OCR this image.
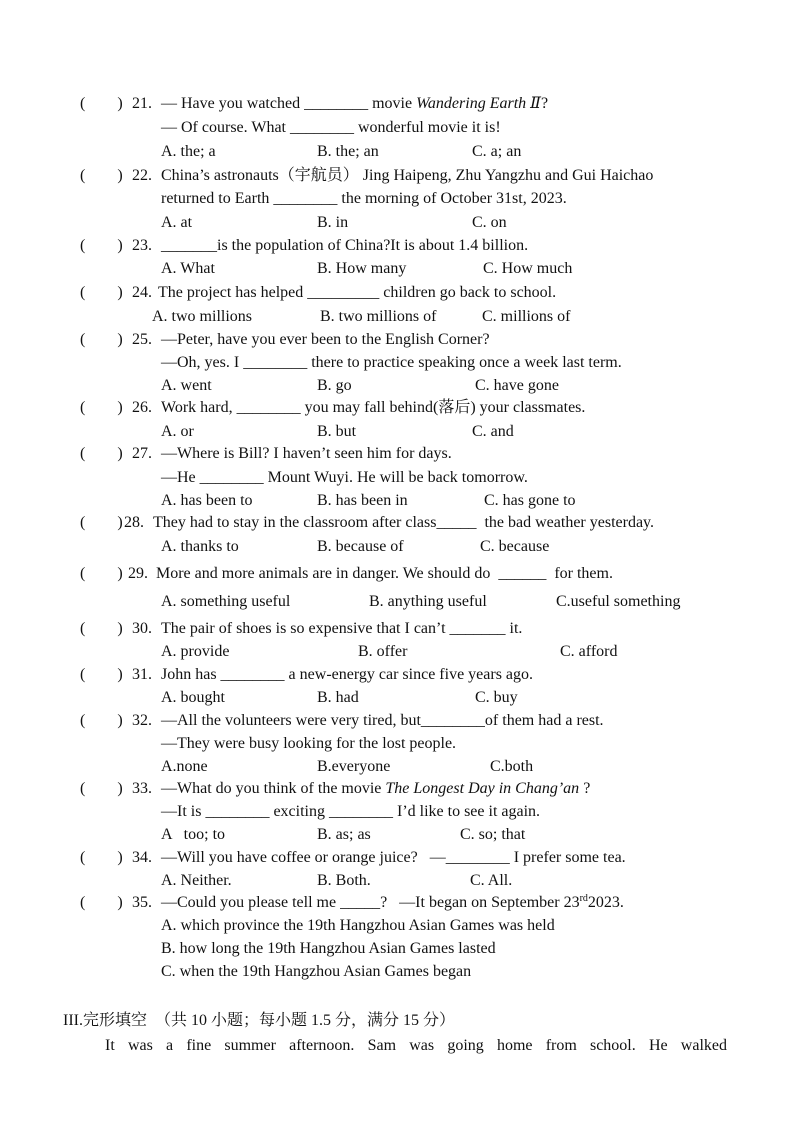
(　　) 21. — Have you watched ________ movie Wandering Earth Ⅱ?
— Of course. What ________ wonderful movie it is!
A. the; a	B. the; an	C. a; an
(　　) 22. China’s astronauts（宇航员） Jing Haipeng, Zhu Yangzhu and Gui Haichao
returned to Earth ________ the morning of October 31st, 2023.
A. at	B. in	C. on
(　　) 23. _______is the population of China?It is about 1.4 billion.
A. What	B. How many	C. How much
(　　) 24. The project has helped _________ children go back to school.
A. two millions	B. two millions of	C. millions of
(　　) 25. —Peter, have you ever been to the English Corner?
—Oh, yes. I ________ there to practice speaking once a week last term.
A. went	B. go	C. have gone
(　　) 26. Work hard, ________ you may fall behind(落后) your classmates.
A. or	B. but	C. and
(　　) 27. —Where is Bill? I haven’t seen him for days.
—He ________ Mount Wuyi. He will be back tomorrow.
A. has been to	B. has been in	C. has gone to
(　　) 28. They had to stay in the classroom after class_____  the bad weather yesterday.
A. thanks to	B. because of	C. because
(　　) 29. More and more animals are in danger. We should do  ______  for them.
A. something useful	B. anything useful	C.useful something
(　　) 30. The pair of shoes is so expensive that I can’t _______ it.
A. provide	B. offer	C. afford
(　　) 31. John has ________ a new-energy car since five years ago.
A. bought	B. had	C. buy
(　　) 32. —All the volunteers were very tired, but________of them had a rest.
—They were busy looking for the lost people.
A.none	B.everyone	C.both
(　　) 33. —What do you think of the movie The Longest Day in Chang’an ?
—It is ________ exciting ________ I’d like to see it again.
A   too; to	B. as; as	C. so; that
(　　) 34. —Will you have coffee or orange juice?   —________ I prefer some tea.
A. Neither.	B. Both.	C. All.
(　　) 35. —Could you please tell me _____?   —It began on September 23rd2023.
A. which province the 19th Hangzhou Asian Games was held
B. how long the 19th Hangzhou Asian Games lasted
C. when the 19th Hangzhou Asian Games began
III.完形填空  （共 10 小题；每小题 1.5 分，满分 15 分）
It was a fine summer afternoon. Sam was going home from school. He walked
